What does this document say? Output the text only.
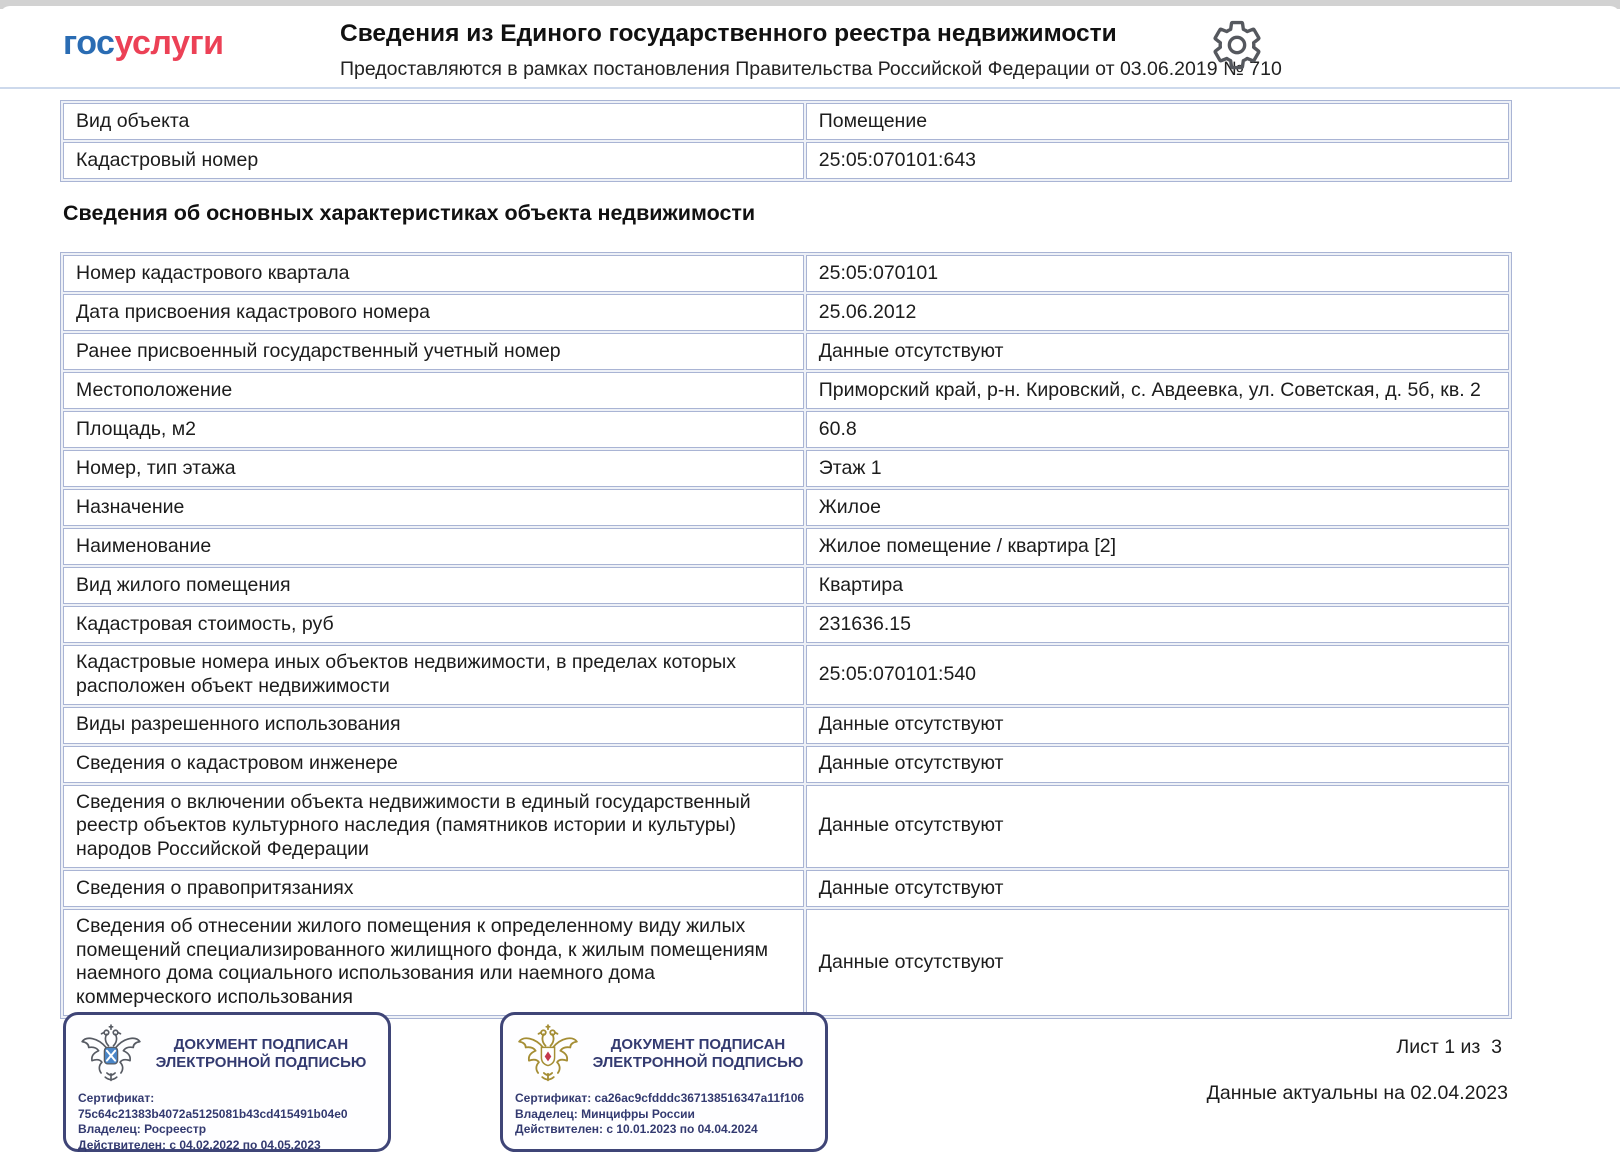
госуслуги	Сведения из Единого государственного реестра недвижимости
Предоставляются в рамках постановления Правительства Российской Федерации от 03.06.2019 № 710
Вид объекта	Помещение
Кадастровый номер	25:05:070101:643
Сведения об основных характеристиках объекта недвижимости
Номер кадастрового квартала	25:05:070101
Дата присвоения кадастрового номера	25.06.2012
Ранее присвоенный государственный учетный номер	Данные отсутствуют
Местоположение	Приморский край, р-н. Кировский, с. Авдеевка, ул. Советская, д. 5б, кв. 2
Площадь, м2	60.8
Номер, тип этажа	Этаж 1
Назначение	Жилое
Наименование	Жилое помещение / квартира [2]
Вид жилого помещения	Квартира
Кадастровая стоимость, руб	231636.15
Кадастровые номера иных объектов недвижимости, в пределах которых расположен объект недвижимости	25:05:070101:540
Виды разрешенного использования	Данные отсутствуют
Сведения о кадастровом инженере	Данные отсутствуют
Сведения о включении объекта недвижимости в единый государственный реестр объектов культурного наследия (памятников истории и культуры) народов Российской Федерации	Данные отсутствуют
Сведения о правопритязаниях	Данные отсутствуют
Сведения об отнесении жилого помещения к определенному виду жилых помещений специализированного жилищного фонда, к жилым помещениям наемного дома социального использования или наемного дома коммерческого использования	Данные отсутствуют
ДОКУМЕНТ ПОДПИСАН ЭЛЕКТРОННОЙ ПОДПИСЬЮ
Сертификат: 75c64c21383b4072a5125081b43cd415491b04e0
Владелец: Росреестр
Действителен: с 04.02.2022 по 04.05.2023
ДОКУМЕНТ ПОДПИСАН ЭЛЕКТРОННОЙ ПОДПИСЬЮ
Сертификат: ca26ac9cfdddc367138516347a11f106
Владелец: Минцифры России
Действителен: с 10.01.2023 по 04.04.2024
Лист 1 из  3
Данные актуальны на 02.04.2023
